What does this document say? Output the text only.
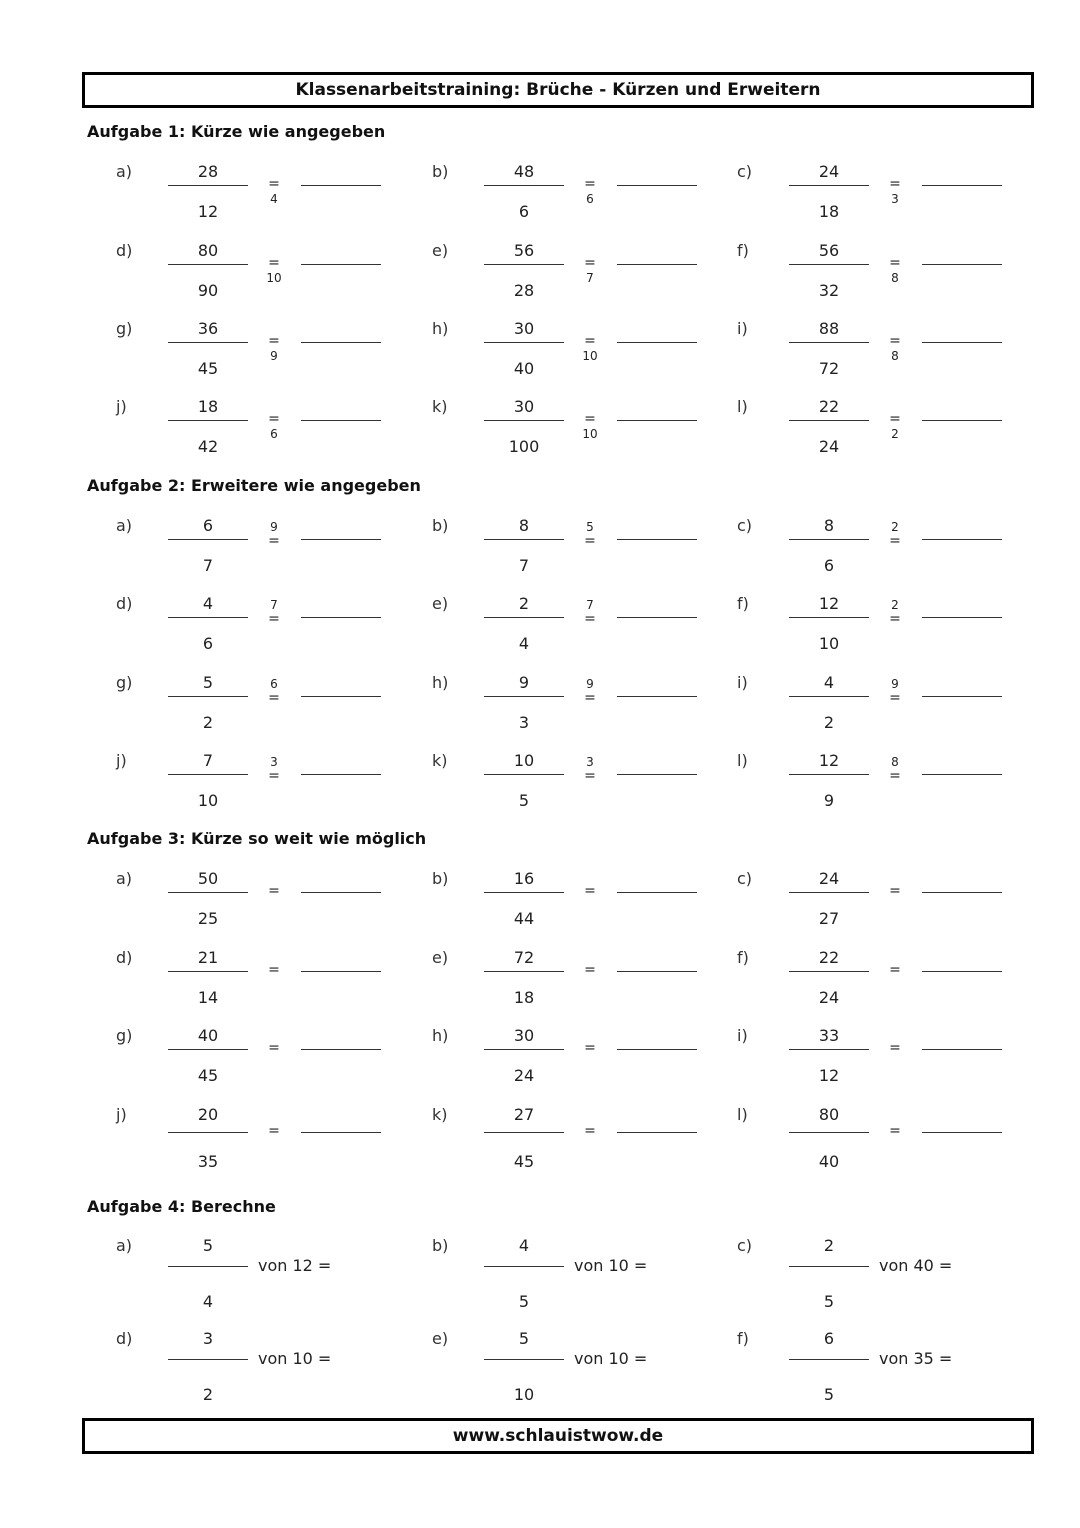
Klassenarbeitstraining: Brüche - Kürzen und Erweitern
Aufgabe 1: Kürze wie angegeben
a)	28
12
=
4
b)	48
6
=
6
c)	24
18
=
3
d)	80
90
=
10
e)	56
28
=
7
f)	56
32
=
8
g)	36
45
=
9
h)	30
40
=
10
i)	88
72
=
8
j)	18
42
=
6
k)	30
100
=
10
l)	22
24
=
2
Aufgabe 2: Erweitere wie angegeben
a)	6
7
9
=
b)	8
7
5
=
c)	8
6
2
=
d)	4
6
7
=
e)	2
4
7
=
f)	12
10
2
=
g)	5
2
6
=
h)	9
3
9
=
i)	4
2
9
=
j)	7
10
3
=
k)	10
5
3
=
l)	12
9
8
=
Aufgabe 3: Kürze so weit wie möglich
a)	50
25
=
b)	16
44
=
c)	24
27
=
d)	21
14
=
e)	72
18
=
f)	22
24
=
g)	40
45
=
h)	30
24
=
i)	33
12
=
j)	20
35
=
k)	27
45
=
l)	80
40
=
Aufgabe 4: Berechne
a)	5
4
von 12 =
b)	4
5
von 10 =
c)	2
5
von 40 =
d)	3
2
von 10 =
e)	5
10
von 10 =
f)	6
5
von 35 =
www.schlauistwow.de
